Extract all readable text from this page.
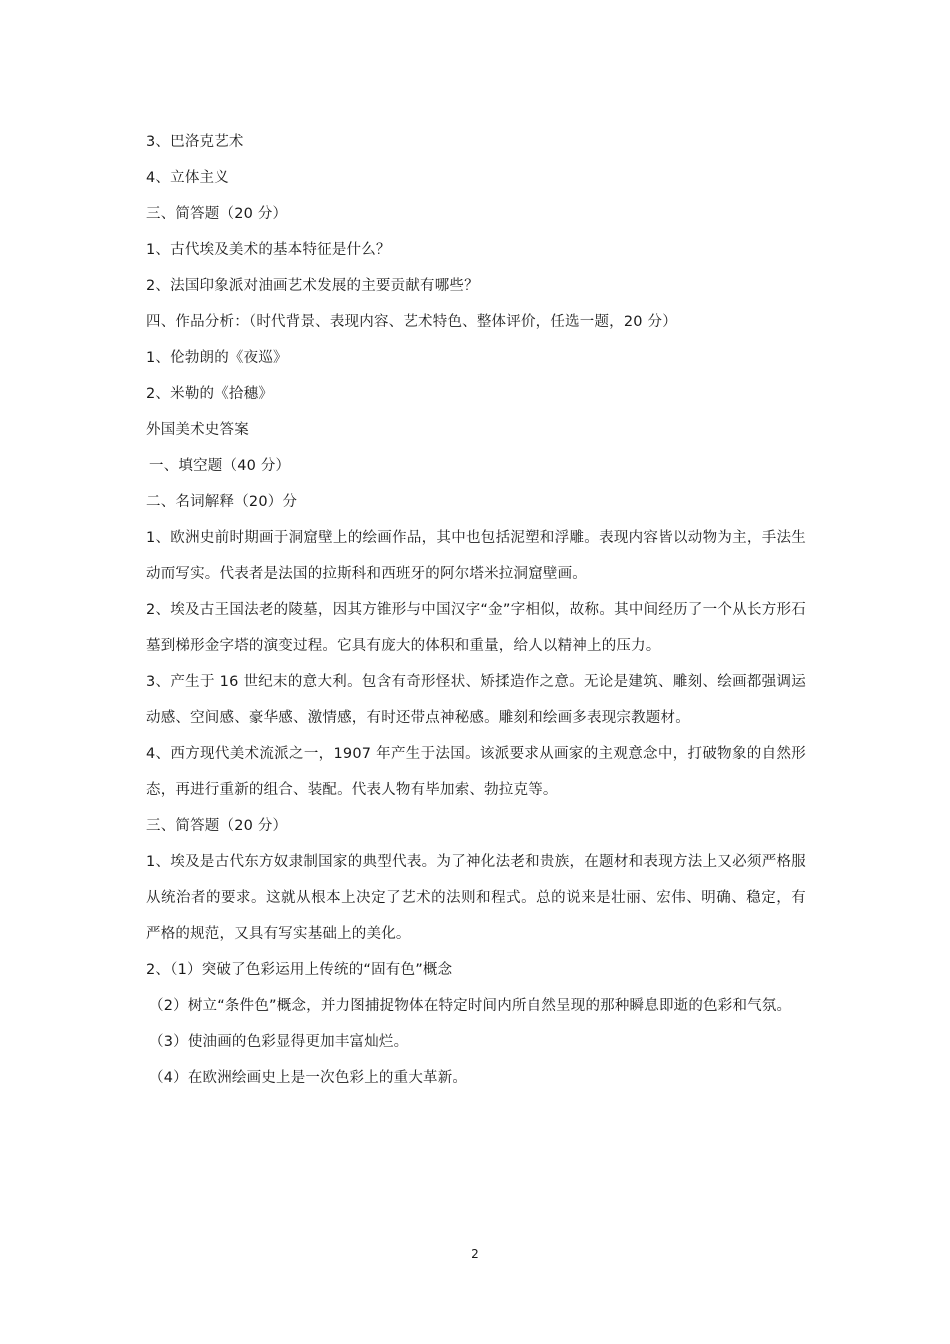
3、巴洛克艺术
4、立体主义
三、简答题（20 分）
1、古代埃及美术的基本特征是什么？
2、法国印象派对油画艺术发展的主要贡献有哪些？
四、作品分析：（时代背景、表现内容、艺术特色、整体评价，任选一题，20 分）
1、伦勃朗的《夜巡》
2、米勒的《拾穗》
外国美术史答案
一、填空题（40 分）
二、名词解释（20）分
1、欧洲史前时期画于洞窟壁上的绘画作品，其中也包括泥塑和浮雕。表现内容皆以动物为主，手法生动而写实。代表者是法国的拉斯科和西班牙的阿尔塔米拉洞窟壁画。
2、埃及古王国法老的陵墓，因其方锥形与中国汉字“金”字相似，故称。其中间经历了一个从长方形石墓到梯形金字塔的演变过程。它具有庞大的体积和重量，给人以精神上的压力。
3、产生于 16 世纪末的意大利。包含有奇形怪状、矫揉造作之意。无论是建筑、雕刻、绘画都强调运动感、空间感、豪华感、激情感，有时还带点神秘感。雕刻和绘画多表现宗教题材。
4、西方现代美术流派之一，1907 年产生于法国。该派要求从画家的主观意念中，打破物象的自然形态，再进行重新的组合、装配。代表人物有毕加索、勃拉克等。
三、简答题（20 分）
1、埃及是古代东方奴隶制国家的典型代表。为了神化法老和贵族，在题材和表现方法上又必须严格服从统治者的要求。这就从根本上决定了艺术的法则和程式。总的说来是壮丽、宏伟、明确、稳定，有严格的规范，又具有写实基础上的美化。
2、（1）突破了色彩运用上传统的“固有色”概念
（2）树立“条件色”概念，并力图捕捉物体在特定时间内所自然呈现的那种瞬息即逝的色彩和气氛。
（3）使油画的色彩显得更加丰富灿烂。
（4）在欧洲绘画史上是一次色彩上的重大革新。
2
